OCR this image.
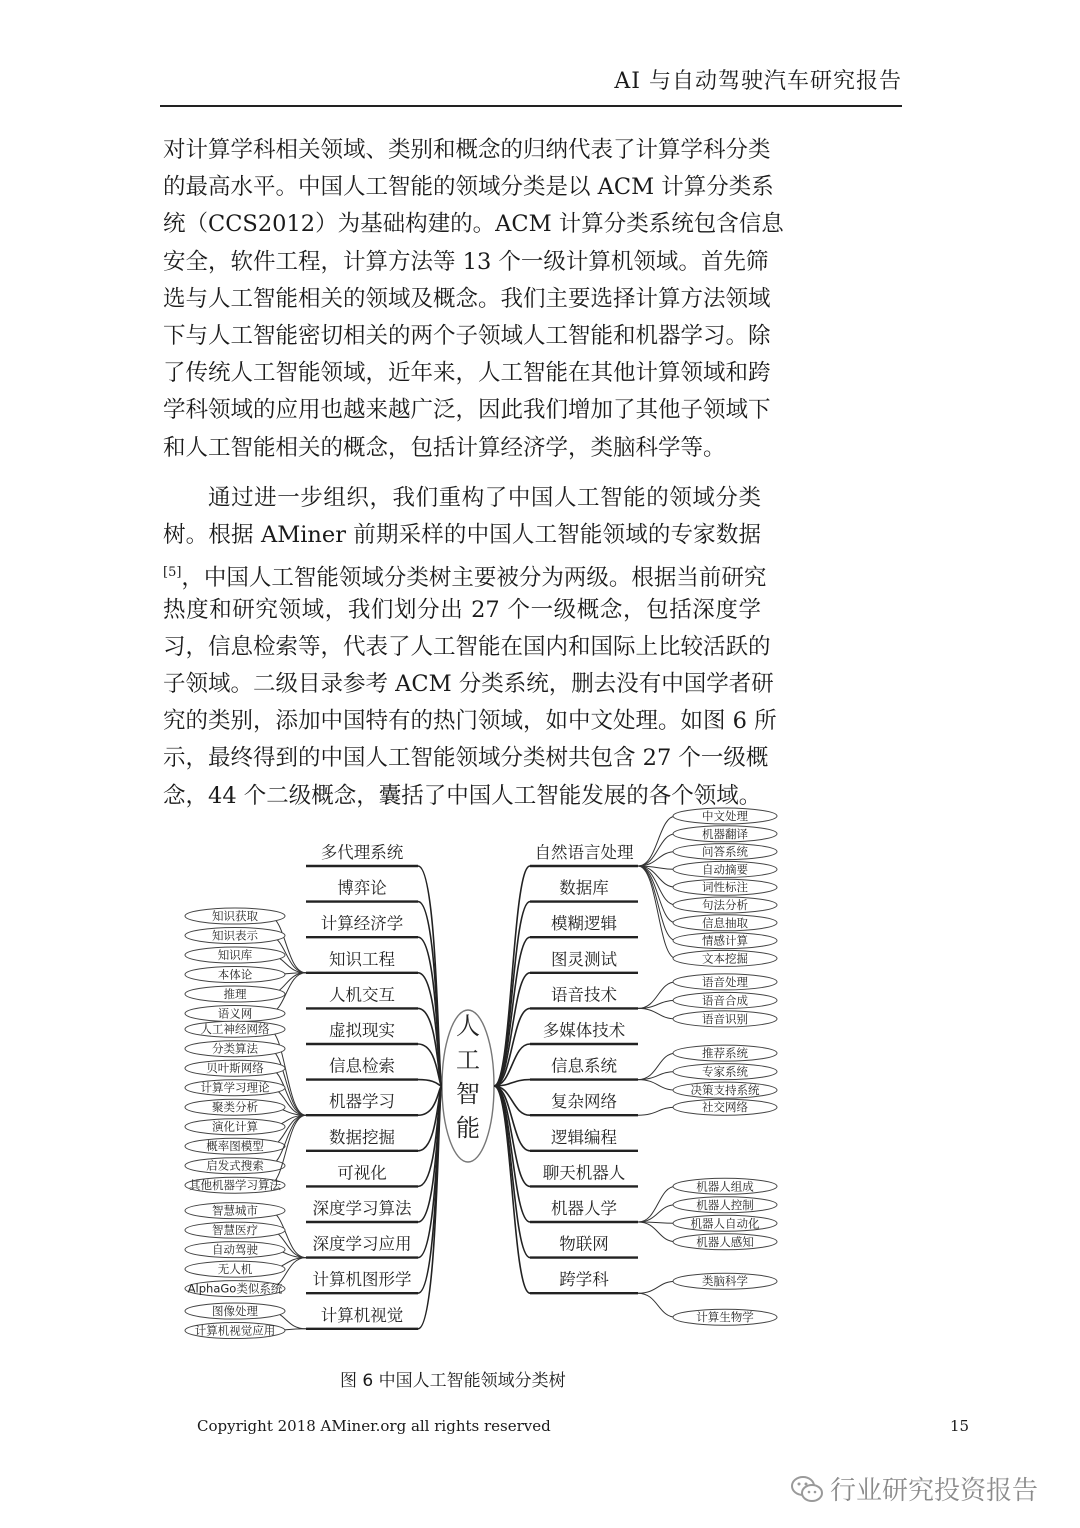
AI 与自动驾驶汽车研究报告
对计算学科相关领域、类别和概念的归纳代表了计算学科分类
的最高水平。中国人工智能的领域分类是以 ACM 计算分类系
统（CCS2012）为基础构建的。ACM 计算分类系统包含信息
安全，软件工程，计算方法等 13 个一级计算机领域。首先筛
选与人工智能相关的领域及概念。我们主要选择计算方法领域
下与人工智能密切相关的两个子领域人工智能和机器学习。除
了传统人工智能领域，近年来，人工智能在其他计算领域和跨
学科领域的应用也越来越广泛，因此我们增加了其他子领域下
和人工智能相关的概念，包括计算经济学，类脑科学等。
通过进一步组织，我们重构了中国人工智能的领域分类
树。根据 AMiner 前期采样的中国人工智能领域的专家数据
[5]，中国人工智能领域分类树主要被分为两级。根据当前研究
热度和研究领域，我们划分出 27 个一级概念，包括深度学
习，信息检索等，代表了人工智能在国内和国际上比较活跃的
子领域。二级目录参考 ACM 分类系统，删去没有中国学者研
究的类别，添加中国特有的热门领域，如中文处理。如图 6 所
示，最终得到的中国人工智能领域分类树共包含 27 个一级概
念，44 个二级概念，囊括了中国人工智能发展的各个领域。
人
工
智
能
多代理系统
博弈论
计算经济学
知识工程
知识获取
知识表示
知识库
本体论
推理
语义网
人机交互
虚拟现实
信息检索
机器学习
人工神经网络
分类算法
贝叶斯网络
计算学习理论
聚类分析
演化计算
概率图模型
启发式搜索
其他机器学习算法
数据挖掘
可视化
深度学习算法
深度学习应用
智慧城市
智慧医疗
自动驾驶
无人机
AlphaGo类似系统 计算机图形学
计算机视觉
图像处理
计算机视觉应用
自然语言处理
中文处理
机器翻译
问答系统
自动摘要
词性标注
句法分析
信息抽取
情感计算
文本挖掘
数据库
模糊逻辑
图灵测试
语音技术
语音处理
语音合成
语音识别
多媒体技术
信息系统
推荐系统
专家系统
决策支持系统
复杂网络	社交网络
逻辑编程
聊天机器人
机器人学
机器人组成
机器人控制
机器人自动化
机器人感知
物联网
跨学科	类脑科学
计算生物学
图 6 中国人工智能领域分类树
Copyright 2018 AMiner.org all rights reserved	15
行业研究投资报告
